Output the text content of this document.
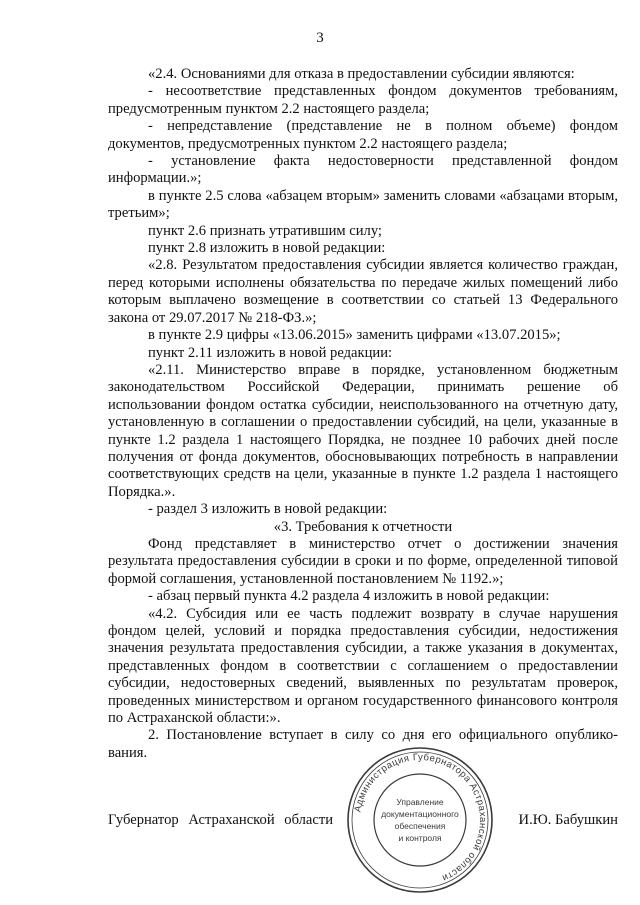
3

«2.4. Основаниями для отказа в предоставлении субсидии являются:

- несоответствие представленных фондом документов требованиям, предусмотренным пунктом 2.2 настоящего раздела;

- непредставление (представление не в полном объеме) фондом документов, предусмотренных пунктом 2.2 настоящего раздела;

- установление факта недостоверности представленной фондом информации.»;

в пункте 2.5 слова «абзацем вторым» заменить словами «абзацами вторым, третьим»;

пункт 2.6 признать утратившим силу;

пункт 2.8 изложить в новой редакции:

«2.8. Результатом предоставления субсидии является количество граждан, перед которыми исполнены обязательства по передаче жилых помещений либо которым выплачено возмещение в соответствии со статьей 13 Федерального закона от 29.07.2017 № 218-ФЗ.»;

в пункте 2.9 цифры «13.06.2015» заменить цифрами «13.07.2015»;

пункт 2.11 изложить в новой редакции:

«2.11. Министерство вправе в порядке, установленном бюджетным законодательством Российской Федерации, принимать решение об использовании фондом остатка субсидии, неиспользованного на отчетную дату, установленную в соглашении о предоставлении субсидий, на цели, указанные в пункте 1.2 раздела 1 настоящего Порядка, не позднее 10 рабочих дней после получения от фонда документов, обосновывающих потребность в направлении соответствующих средств на цели, указанные в пункте 1.2 раздела 1 настоящего Порядка.».

- раздел 3 изложить в новой редакции:

«3. Требования к отчетности

Фонд представляет в министерство отчет о достижении значения результата предоставления субсидии в сроки и по форме, определенной типовой формой соглашения, установленной постановлением № 1192.»;

- абзац первый пункта 4.2 раздела 4 изложить в новой редакции:

«4.2. Субсидия или ее часть подлежит возврату в случае нарушения фондом целей, условий и порядка предоставления субсидии, недостижения значения результата предоставления субсидии, а также указания в документах, представленных фондом в соответствии с соглашением о предоставлении субсидии, недостоверных сведений, выявленных по результатам проверок, проведенных министерством и органом государственного финансового контроля по Астраханской области:».

2. Постановление вступает в силу со дня его официального опублико-вания.

Губернатор Астраханской области	И.Ю. Бабушкин
Администрация Губернатора Астраханской области
Управление
документационного
обеспечения
и контроля
